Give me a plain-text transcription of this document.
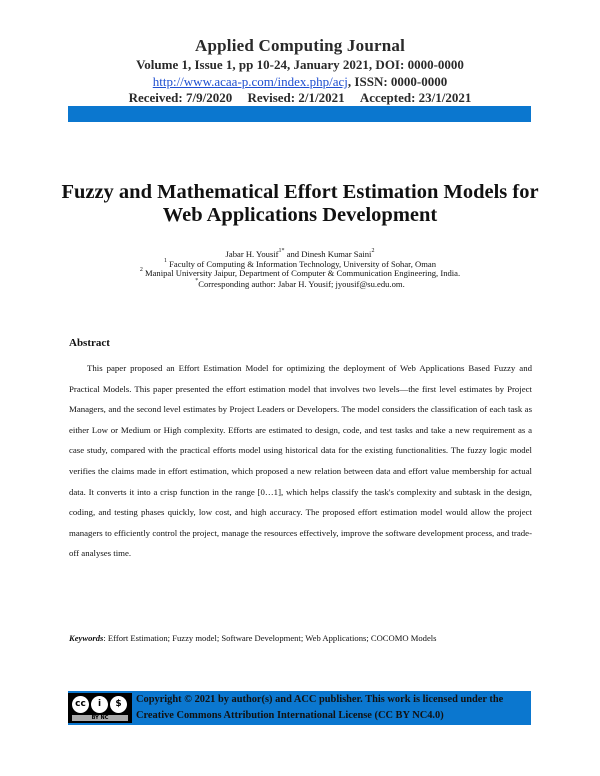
Applied Computing Journal
Volume 1, Issue 1, pp 10-24, January 2021, DOI: 0000-0000
http://www.acaa-p.com/index.php/acj, ISSN: 0000-0000
Received: 7/9/2020 Revised: 2/1/2021 Accepted: 23/1/2021
Fuzzy and Mathematical Effort Estimation Models for Web Applications Development
Jabar H. Yousif$^{1*}$ and Dinesh Kumar Saini$^2$
$^1$ Faculty of Computing & Information Technology, University of Sohar, Oman
$^2$ Manipal University Jaipur, Department of Computer & Communication Engineering, India.
*Corresponding author: Jabar H. Yousif; jyousif@su.edu.om.
Abstract
This paper proposed an Effort Estimation Model for optimizing the deployment of Web Applications Based Fuzzy and Practical Models. This paper presented the effort estimation model that involves two levels—the first level estimates by Project Managers, and the second level estimates by Project Leaders or Developers. The model considers the classification of each task as either Low or Medium or High complexity. Efforts are estimated to design, code, and test tasks and take a new requirement as a case study, compared with the practical efforts model using historical data for the existing functionalities. The fuzzy logic model verifies the claims made in effort estimation, which proposed a new relation between data and effort value membership for actual data. It converts it into a crisp function in the range [0…1], which helps classify the task's complexity and subtask in the design, coding, and testing phases quickly, low cost, and high accuracy. The proposed effort estimation model would allow the project managers to efficiently control the project, manage the resources effectively, improve the software development process, and trade-off analyses time.
Keywords: Effort Estimation; Fuzzy model; Software Development; Web Applications; COCOMO Models
cc	i	$
BY NC
Copyright © 2021 by author(s) and ACC publisher. This work is licensed under the Creative Commons Attribution International License (CC BY NC4.0)
